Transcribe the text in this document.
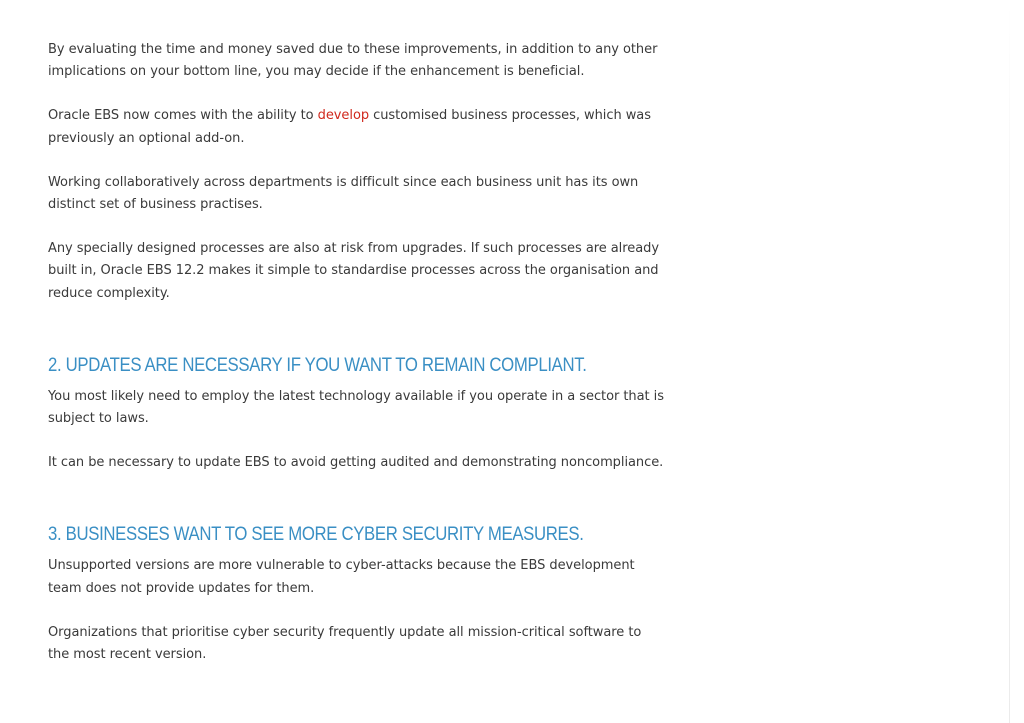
By evaluating the time and money saved due to these improvements, in addition to any other implications on your bottom line, you may decide if the enhancement is beneficial.

Oracle EBS now comes with the ability to develop customised business processes, which was previously an optional add-on.

Working collaboratively across departments is difficult since each business unit has its own distinct set of business practises.

Any specially designed processes are also at risk from upgrades. If such processes are already built in, Oracle EBS 12.2 makes it simple to standardise processes across the organisation and reduce complexity.

2. UPDATES ARE NECESSARY IF YOU WANT TO REMAIN COMPLIANT.

You most likely need to employ the latest technology available if you operate in a sector that is subject to laws.

It can be necessary to update EBS to avoid getting audited and demonstrating noncompliance.

3. BUSINESSES WANT TO SEE MORE CYBER SECURITY MEASURES.

Unsupported versions are more vulnerable to cyber-attacks because the EBS development team does not provide updates for them.

Organizations that prioritise cyber security frequently update all mission-critical software to the most recent version.
